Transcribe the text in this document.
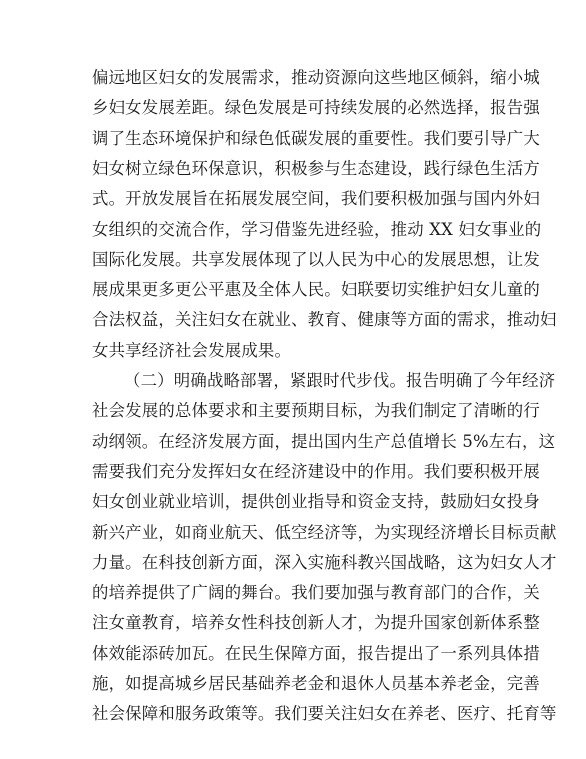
偏远地区妇女的发展需求，推动资源向这些地区倾斜，缩小城
乡妇女发展差距。绿色发展是可持续发展的必然选择，报告强
调了生态环境保护和绿色低碳发展的重要性。我们要引导广大
妇女树立绿色环保意识，积极参与生态建设，践行绿色生活方
式。开放发展旨在拓展发展空间，我们要积极加强与国内外妇
女组织的交流合作，学习借鉴先进经验，推动 XX 妇女事业的
国际化发展。共享发展体现了以人民为中心的发展思想，让发
展成果更多更公平惠及全体人民。妇联要切实维护妇女儿童的
合法权益，关注妇女在就业、教育、健康等方面的需求，推动妇
女共享经济社会发展成果。
（二）明确战略部署，紧跟时代步伐。报告明确了今年经济
社会发展的总体要求和主要预期目标，为我们制定了清晰的行
动纲领。在经济发展方面，提出国内生产总值增长 5%左右，这
需要我们充分发挥妇女在经济建设中的作用。我们要积极开展
妇女创业就业培训，提供创业指导和资金支持，鼓励妇女投身
新兴产业，如商业航天、低空经济等，为实现经济增长目标贡献
力量。在科技创新方面，深入实施科教兴国战略，这为妇女人才
的培养提供了广阔的舞台。我们要加强与教育部门的合作，关
注女童教育，培养女性科技创新人才，为提升国家创新体系整
体效能添砖加瓦。在民生保障方面，报告提出了一系列具体措
施，如提高城乡居民基础养老金和退休人员基本养老金，完善
社会保障和服务政策等。我们要关注妇女在养老、医疗、托育等
